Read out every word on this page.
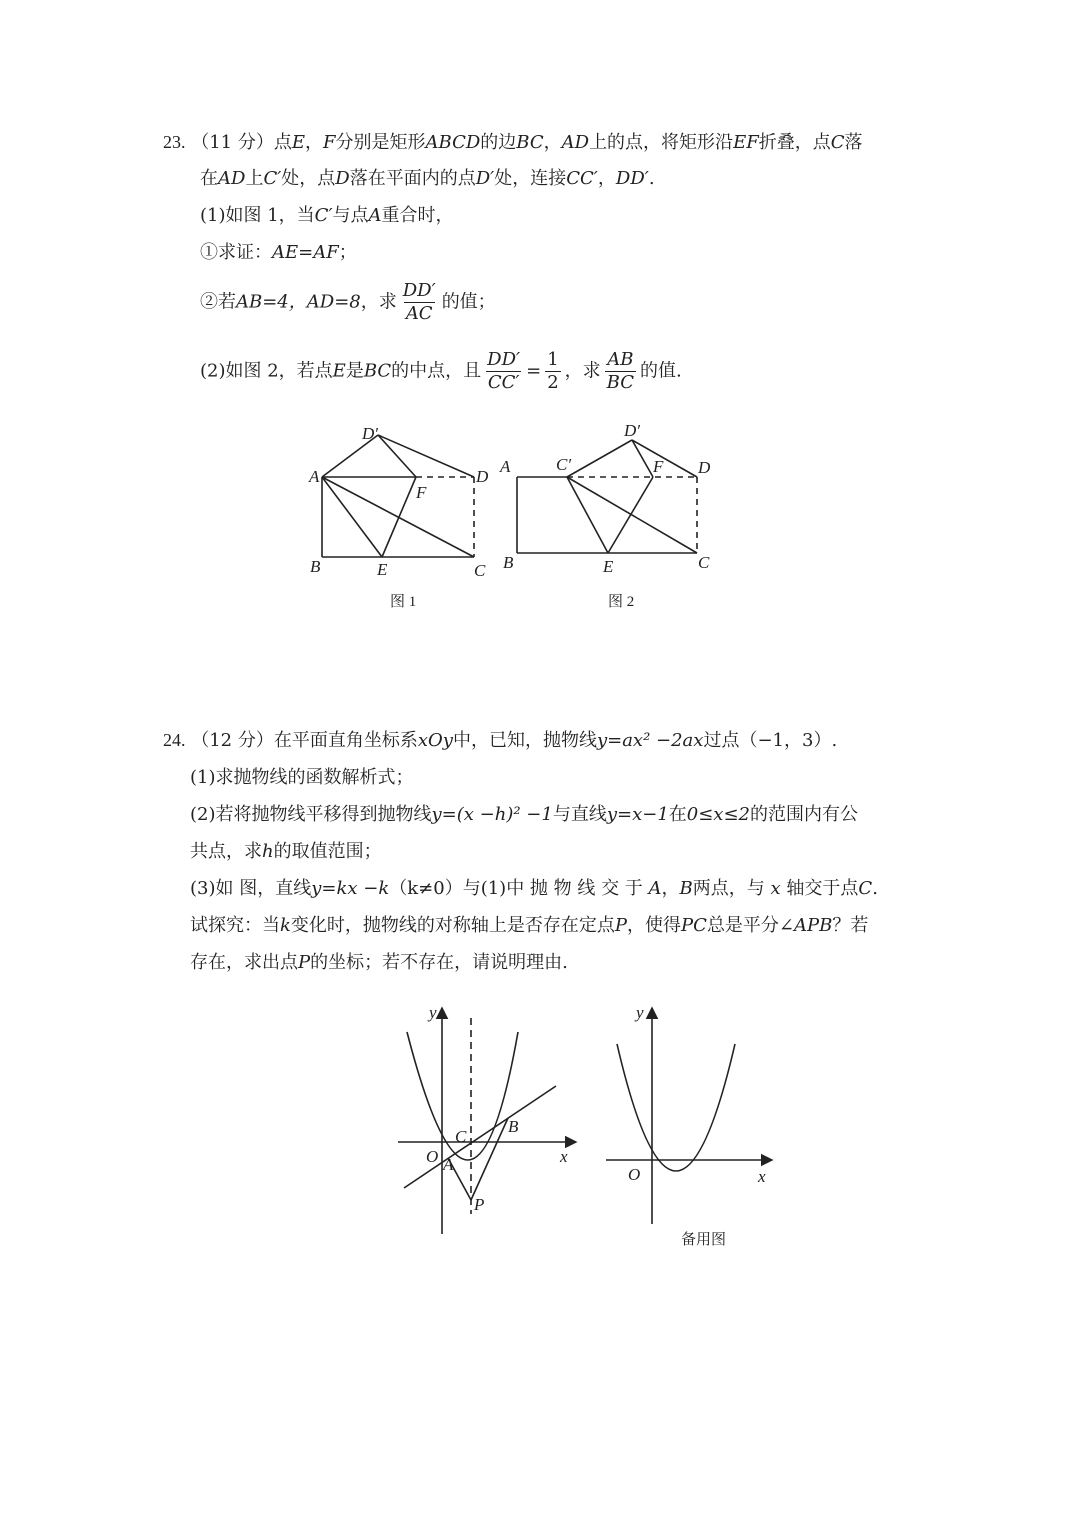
23. （11 分）点E，F分别是矩形ABCD的边BC，AD上的点，将矩形沿EF折叠，点C落
在AD上C′处，点D落在平面内的点D′处，连接CC′，DD′.
(1)如图 1，当C′与点A重合时，
①求证：AE=AF；
②若AB=4，AD=8，求 $\frac{DD'}{AC}$ 的值；
(2)如图 2，若点E是BC的中点，且 $\frac{DD'}{CC'} = \frac{1}{2}$ ，求 $\frac{AB}{BC}$ 的值.
A
B	C
D
E
F
D′
A
B	C
D
E
F
C′
D′
图 1	图 2
24. （12 分）在平面直角坐标系xOy中，已知，抛物线y=ax² −2ax过点（−1，3）.
(1)求抛物线的函数解析式；
(2)若将抛物线平移得到抛物线y=(x −h)² −1与直线y=x−1在0≤x≤2的范围内有公
共点，求h的取值范围；
(3)如 图，直线y=kx −k（k≠0）与(1)中 抛 物 线 交 于 A，B两点，与 x 轴交于点C.
试探究：当k变化时，抛物线的对称轴上是否存在定点P，使得PC总是平分∠APB？若
存在，求出点P的坐标；若不存在，请说明理由.
y
x
O A
B
C
P
y
x
O
备用图
